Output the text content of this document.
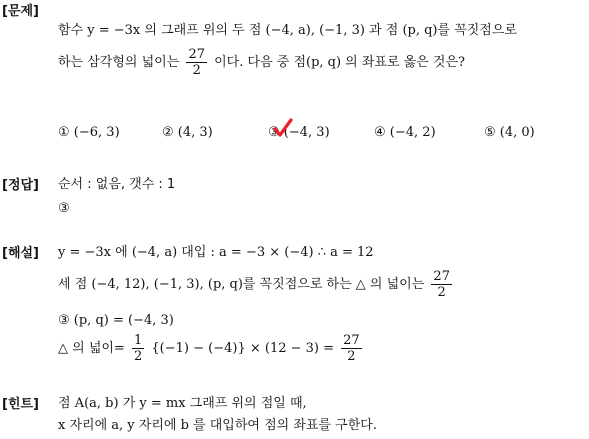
[문제]
함수 y = −3x 의 그래프 위의 두 점 (−4, a), (−1, 3) 과 점 (p, q)를 꼭짓점으로
하는 삼각형의 넓이는 $\frac{27}{2}$ 이다. 다음 중 점(p, q) 의 좌표로 옳은 것은?
① (−6, 3)	② (4, 3)	③ (−4, 3)	④ (−4, 2)	⑤ (4, 0)
[정답] 순서 : 없음, 갯수 : 1
③
[해설] y = −3x 에 (−4, a) 대입 : a = −3 × (−4) ∴ a = 12
세 점 (−4, 12), (−1, 3), (p, q)를 꼭짓점으로 하는 △ 의 넓이는 $\frac{27}{2}$
③ (p, q) = (−4, 3)
△ 의 넓이= $\frac{1}{2} \{(-1) - (-4)\} \times (12 - 3) = \frac{27}{2}$
[힌트] 점 A(a, b) 가 y = mx 그래프 위의 점일 때,
x 자리에 a, y 자리에 b 를 대입하여 점의 좌표를 구한다.
